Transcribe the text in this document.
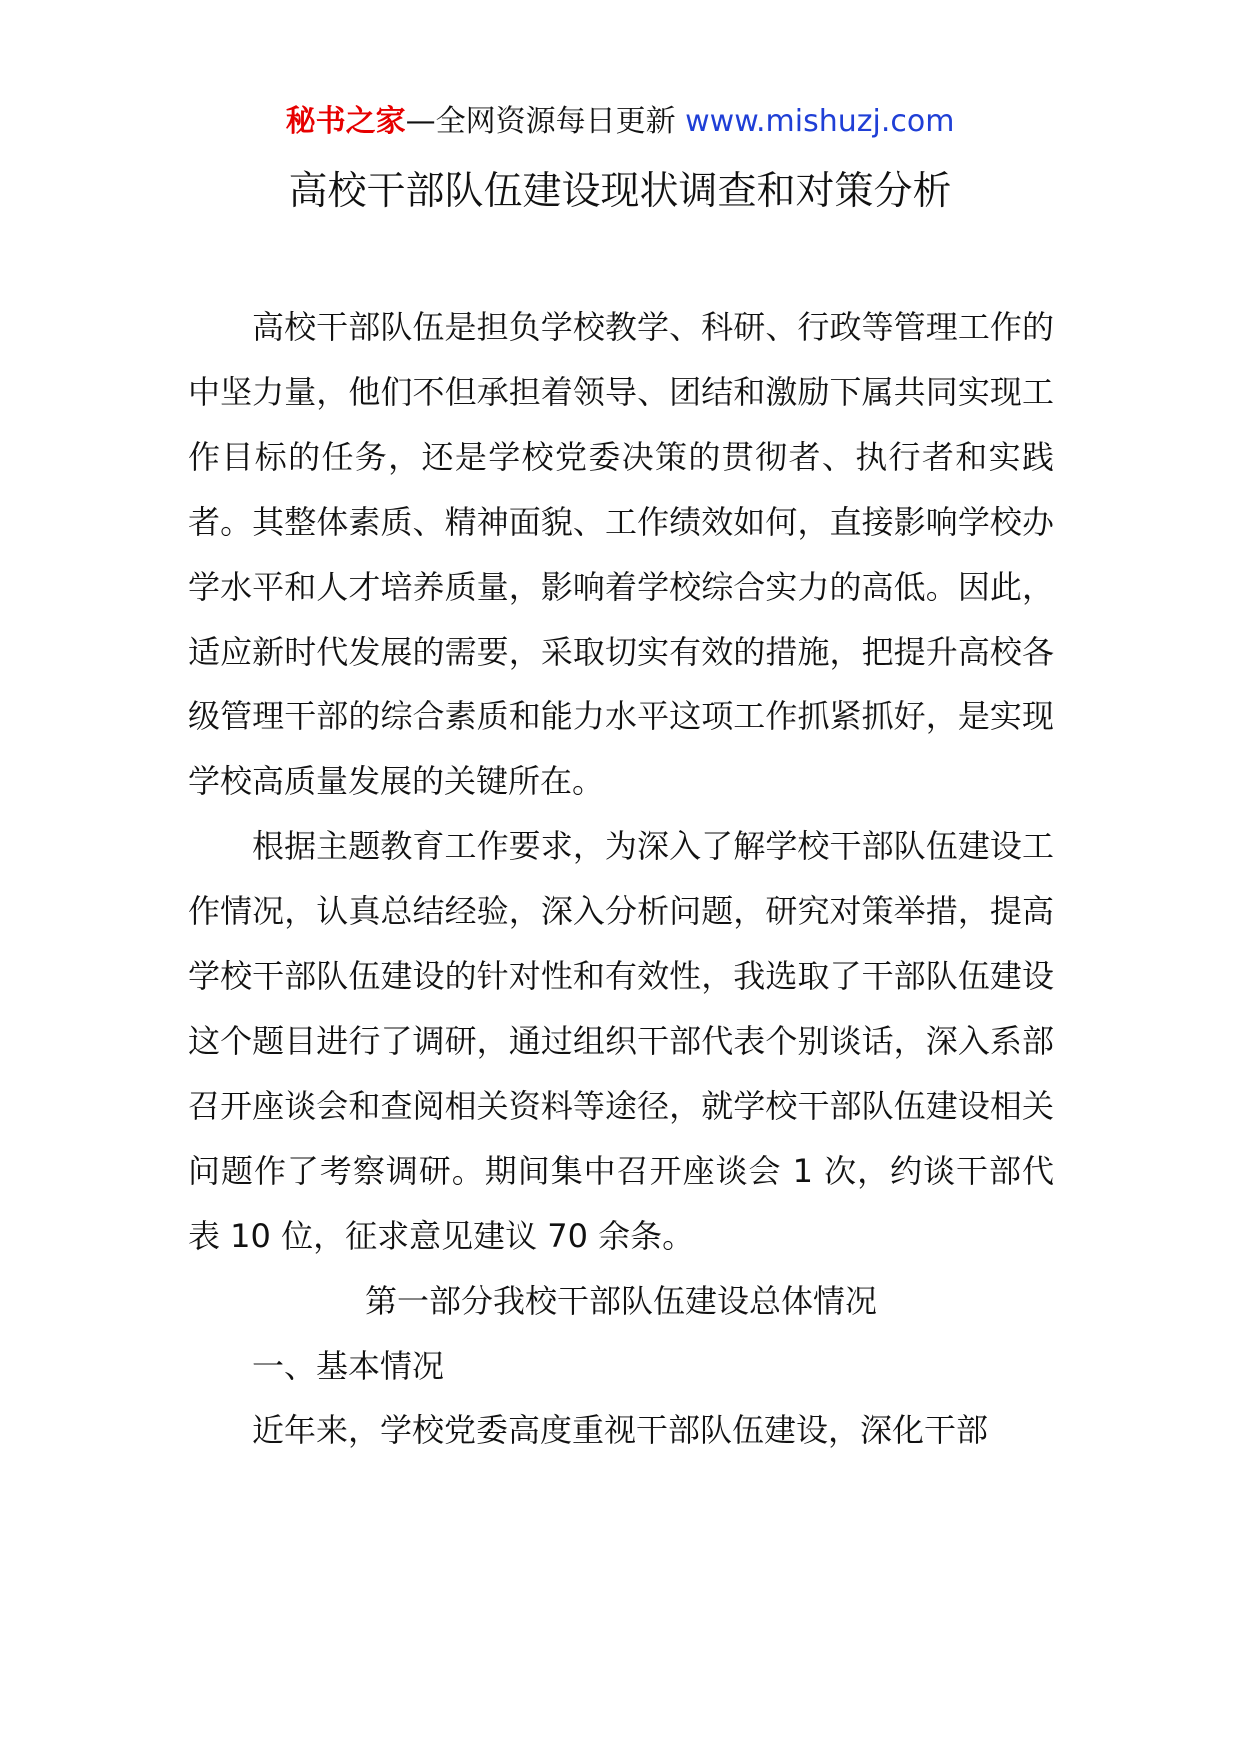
秘书之家—全网资源每日更新 www.mishuzj.com
高校干部队伍建设现状调查和对策分析

高校干部队伍是担负学校教学、科研、行政等管理工作的中坚力量，他们不但承担着领导、团结和激励下属共同实现工作目标的任务，还是学校党委决策的贯彻者、执行者和实践者。其整体素质、精神面貌、工作绩效如何，直接影响学校办学水平和人才培养质量，影响着学校综合实力的高低。因此，适应新时代发展的需要，采取切实有效的措施，把提升高校各级管理干部的综合素质和能力水平这项工作抓紧抓好，是实现学校高质量发展的关键所在。

根据主题教育工作要求，为深入了解学校干部队伍建设工作情况，认真总结经验，深入分析问题，研究对策举措，提高学校干部队伍建设的针对性和有效性，我选取了干部队伍建设这个题目进行了调研，通过组织干部代表个别谈话，深入系部召开座谈会和查阅相关资料等途径，就学校干部队伍建设相关问题作了考察调研。期间集中召开座谈会 1 次，约谈干部代表 10 位，征求意见建议 70 余条。

第一部分我校干部队伍建设总体情况

一、基本情况

近年来，学校党委高度重视干部队伍建设，深化干部
